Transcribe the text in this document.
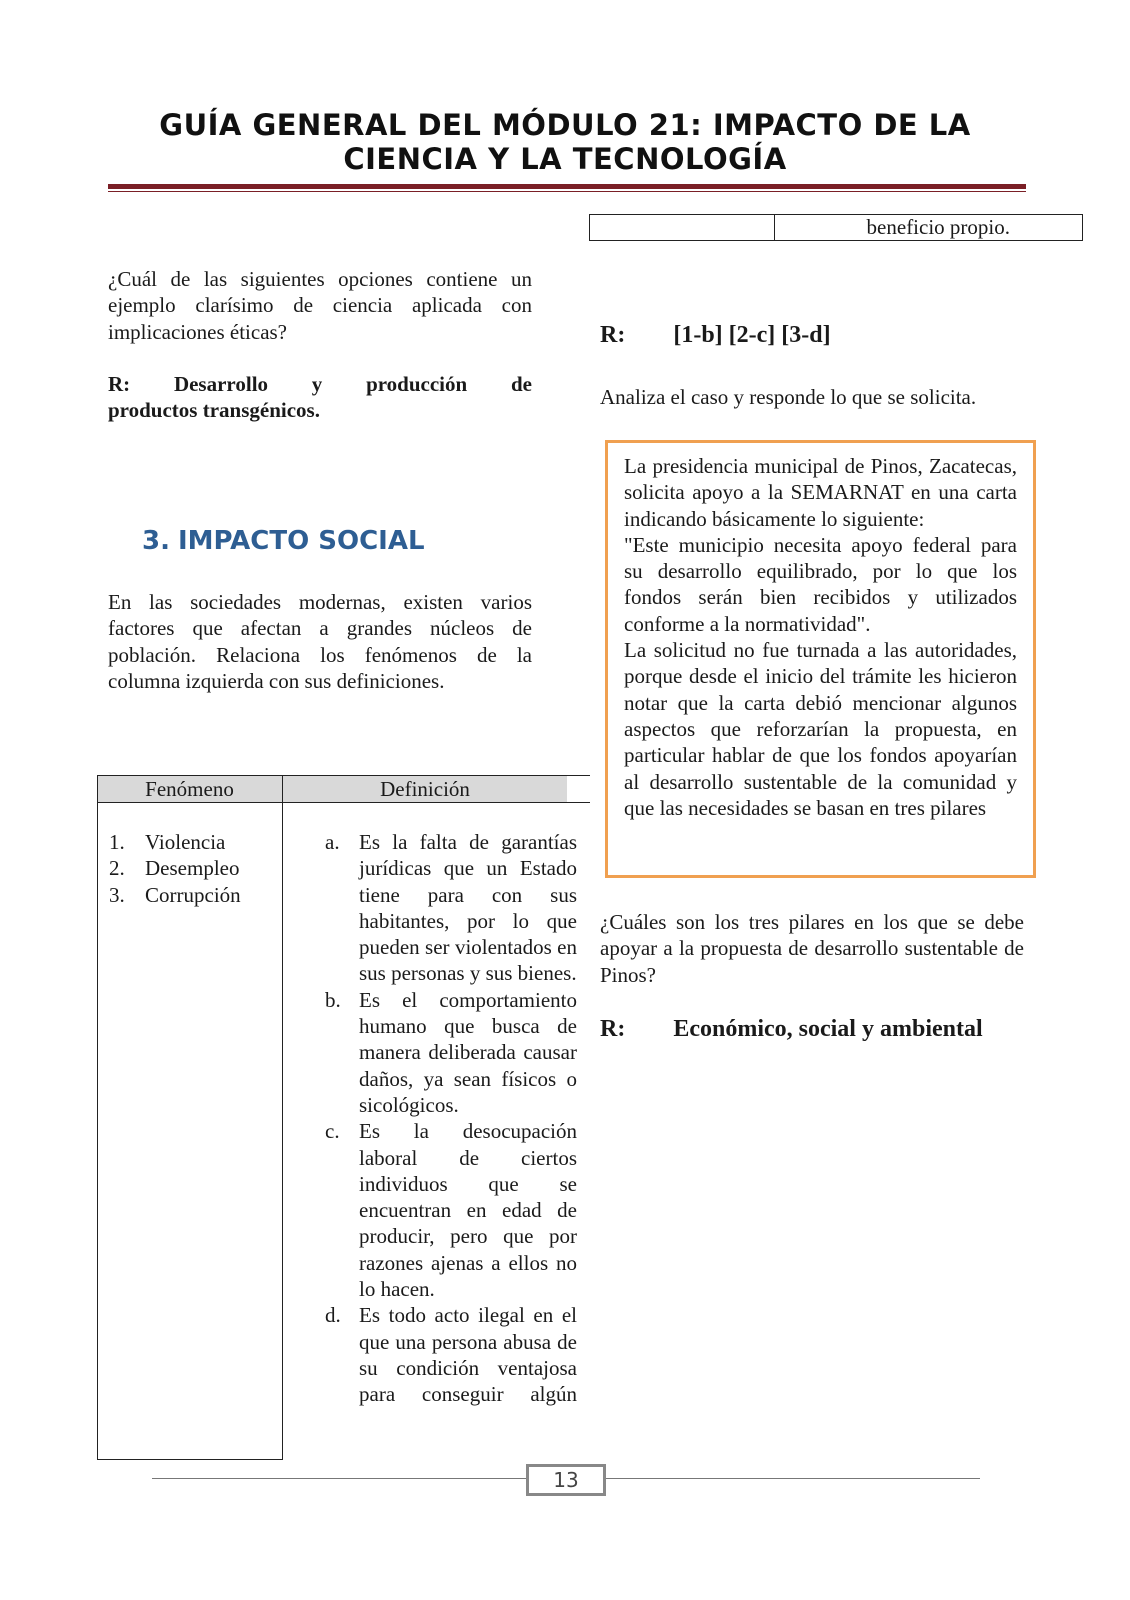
GUÍA GENERAL DEL MÓDULO 21: IMPACTO DE LA
CIENCIA Y LA TECNOLOGÍA
¿Cuál de las siguientes opciones contiene un ejemplo clarísimo de ciencia aplicada con implicaciones éticas?
R: Desarrollo y producción de
productos transgénicos.
3. IMPACTO SOCIAL
En las sociedades modernas, existen varios factores que afectan a grandes núcleos de población. Relaciona los fenómenos de la columna izquierda con sus definiciones.
Fenómeno	Definición
1. Violencia
2. Desempleo
3. Corrupción
a. Es la falta de garantías jurídicas que un Estado tiene para con sus habitantes, por lo que pueden ser violentados en sus personas y sus bienes.
b. Es el comportamiento humano que busca de manera deliberada causar daños, ya sean físicos o sicológicos.
c. Es la desocupación laboral de ciertos individuos que se encuentran en edad de producir, pero que por razones ajenas a ellos no lo hacen.
d. Es todo acto ilegal en el que una persona abusa de su condición ventajosa para conseguir algún
beneficio propio.
R: [1-b] [2-c] [3-d]
Analiza el caso y responde lo que se solicita.
La presidencia municipal de Pinos, Zacatecas, solicita apoyo a la SEMARNAT en una carta indicando básicamente lo siguiente:
"Este municipio necesita apoyo federal para su desarrollo equilibrado, por lo que los fondos serán bien recibidos y utilizados conforme a la normatividad".
La solicitud no fue turnada a las autoridades, porque desde el inicio del trámite les hicieron notar que la carta debió mencionar algunos aspectos que reforzarían la propuesta, en particular hablar de que los fondos apoyarían al desarrollo sustentable de la comunidad y que las necesidades se basan en tres pilares
¿Cuáles son los tres pilares en los que se debe apoyar a la propuesta de desarrollo sustentable de Pinos?
R: Económico, social y ambiental
13
